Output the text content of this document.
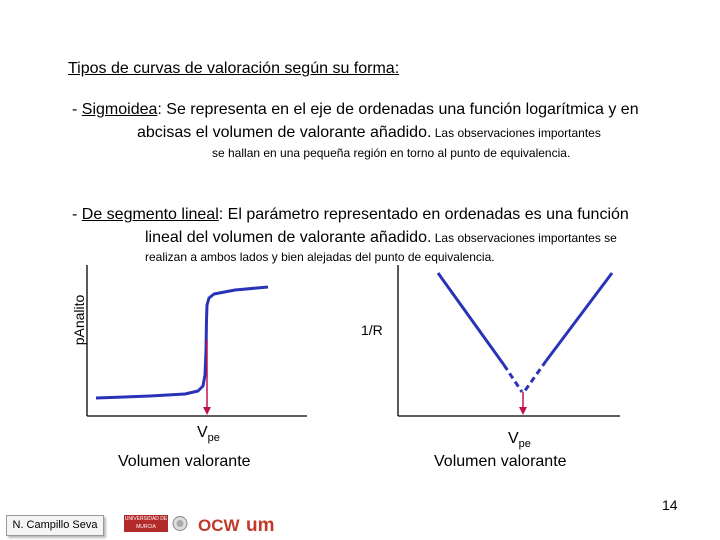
Tipos de curvas de valoración según su forma:
- Sigmoidea: Se representa en el eje de ordenadas una función logarítmica y en
abcisas el volumen de valorante añadido. Las observaciones importantes
se hallan en una pequeña región en torno al punto de equivalencia.
- De segmento lineal: El parámetro representado en ordenadas es una función
lineal del volumen de valorante añadido. Las observaciones importantes se
realizan a ambos lados y bien alejadas del punto de equivalencia.
pAnalito	1/R
$V_{pe}$	$V_{pe}$
Volumen valorante	Volumen valorante
14
N. Campillo Seva	UNIVERSIDAD DE MURCIA	OCW um
